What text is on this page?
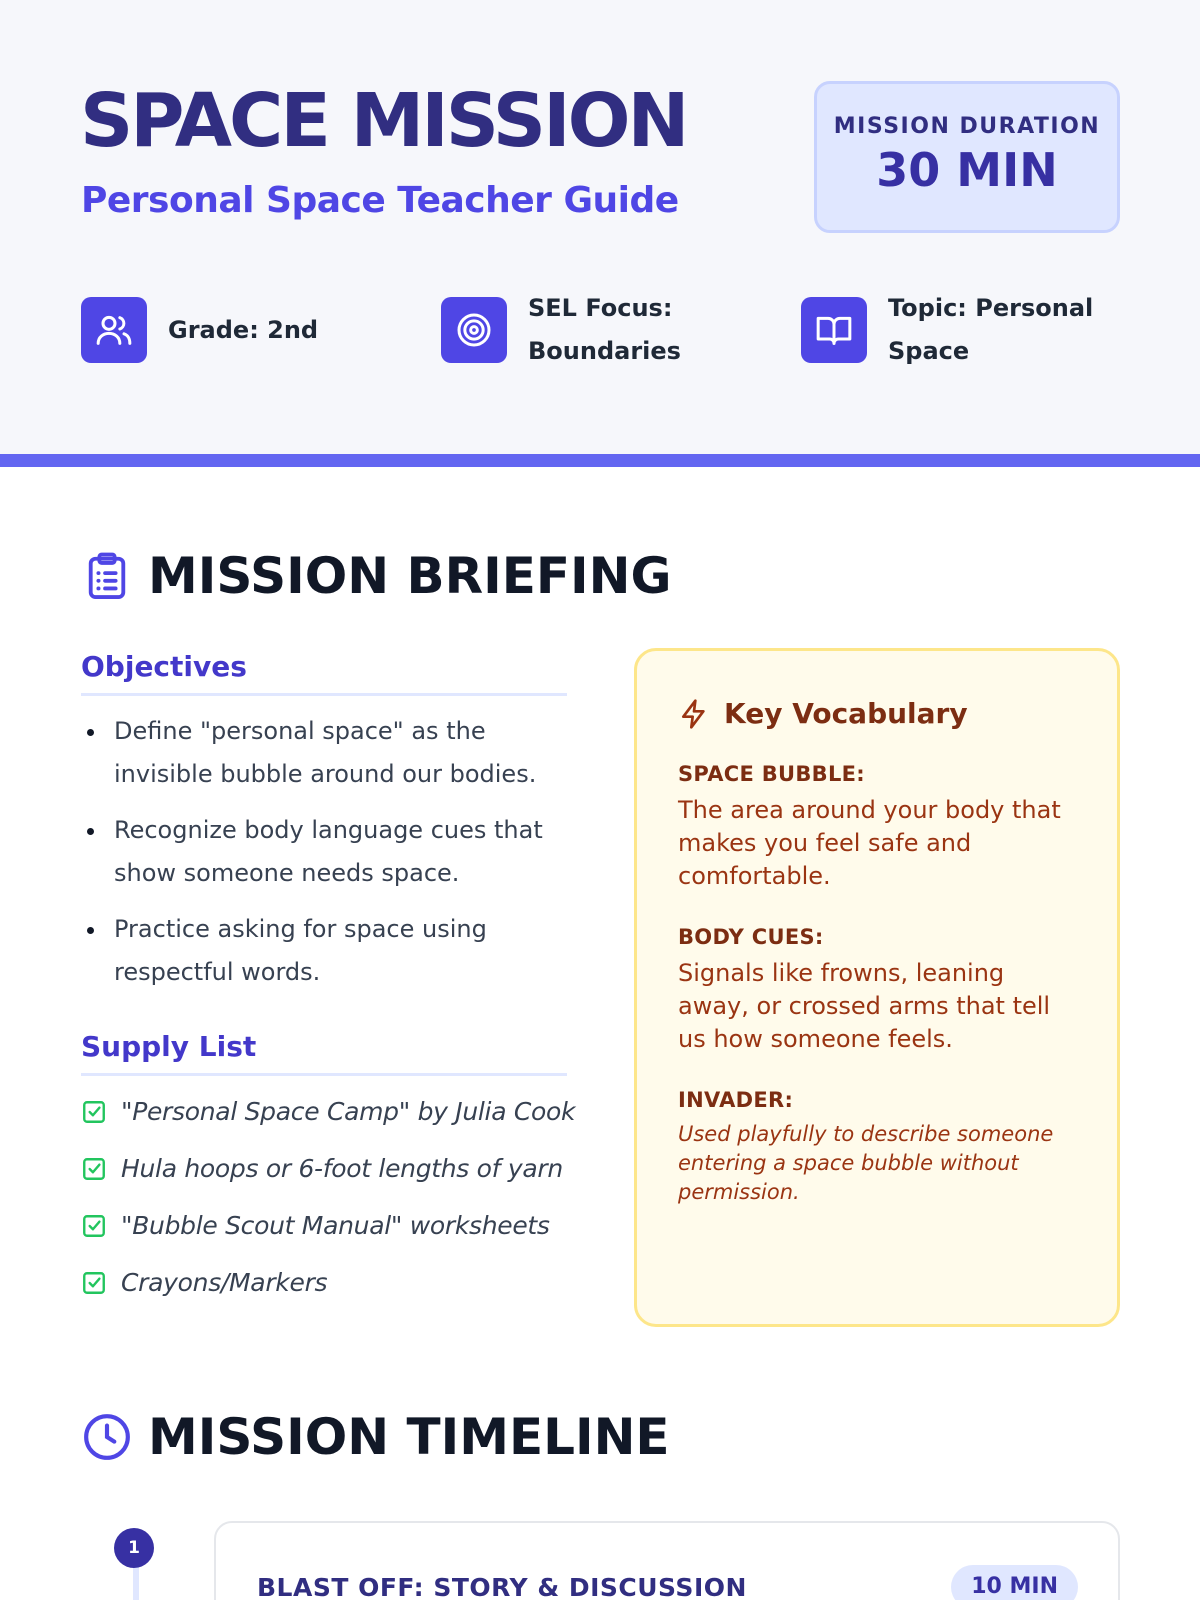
SPACE MISSION
Personal Space Teacher Guide
MISSION DURATION
30 MIN
Grade: 2nd
SEL Focus:
Boundaries
Topic: Personal
Space
MISSION BRIEFING
Objectives
Define "personal space" as the invisible bubble around our bodies.
Recognize body language cues that show someone needs space.
Practice asking for space using respectful words.
Supply List
"Personal Space Camp" by Julia Cook
Hula hoops or 6-foot lengths of yarn
"Bubble Scout Manual" worksheets
Crayons/Markers
Key Vocabulary
SPACE BUBBLE:
The area around your body that makes you feel safe and comfortable.
BODY CUES:
Signals like frowns, leaning away, or crossed arms that tell us how someone feels.
INVADER:
Used playfully to describe someone entering a space bubble without permission.
MISSION TIMELINE
1
BLAST OFF: STORY & DISCUSSION	10 MIN
